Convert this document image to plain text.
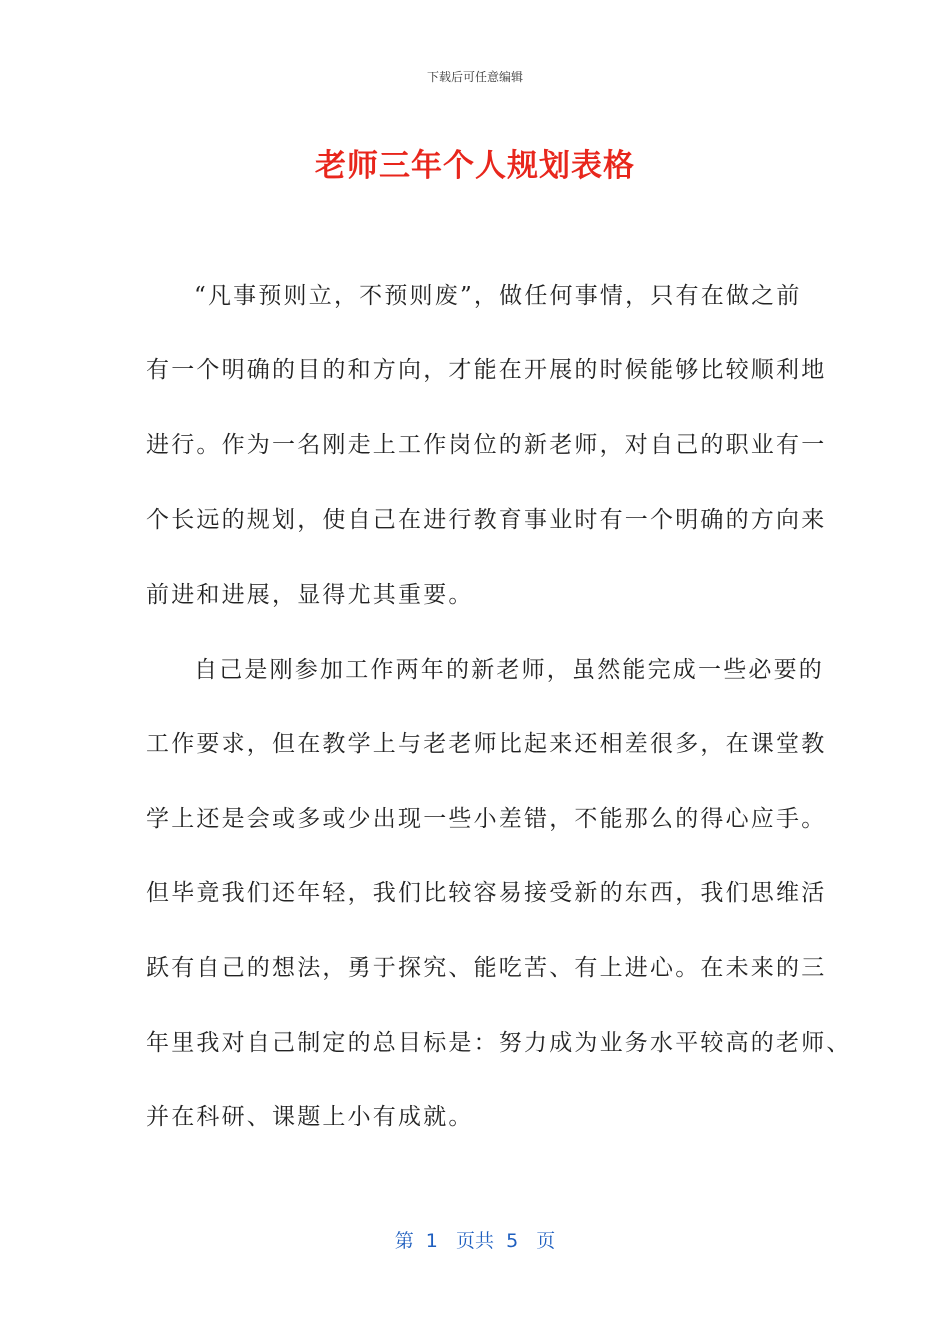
下载后可任意编辑
老师三年个人规划表格
“凡事预则立，不预则废”，做任何事情，只有在做之前
有一个明确的目的和方向，才能在开展的时候能够比较顺利地
进行。作为一名刚走上工作岗位的新老师，对自己的职业有一
个长远的规划，使自己在进行教育事业时有一个明确的方向来
前进和进展，显得尤其重要。
自己是刚参加工作两年的新老师，虽然能完成一些必要的
工作要求，但在教学上与老老师比起来还相差很多，在课堂教
学上还是会或多或少出现一些小差错，不能那么的得心应手。
但毕竟我们还年轻，我们比较容易接受新的东西，我们思维活
跃有自己的想法，勇于探究、能吃苦、有上进心。在未来的三
年里我对自己制定的总目标是：努力成为业务水平较高的老师、
并在科研、课题上小有成就。
第  1   页共  5   页
